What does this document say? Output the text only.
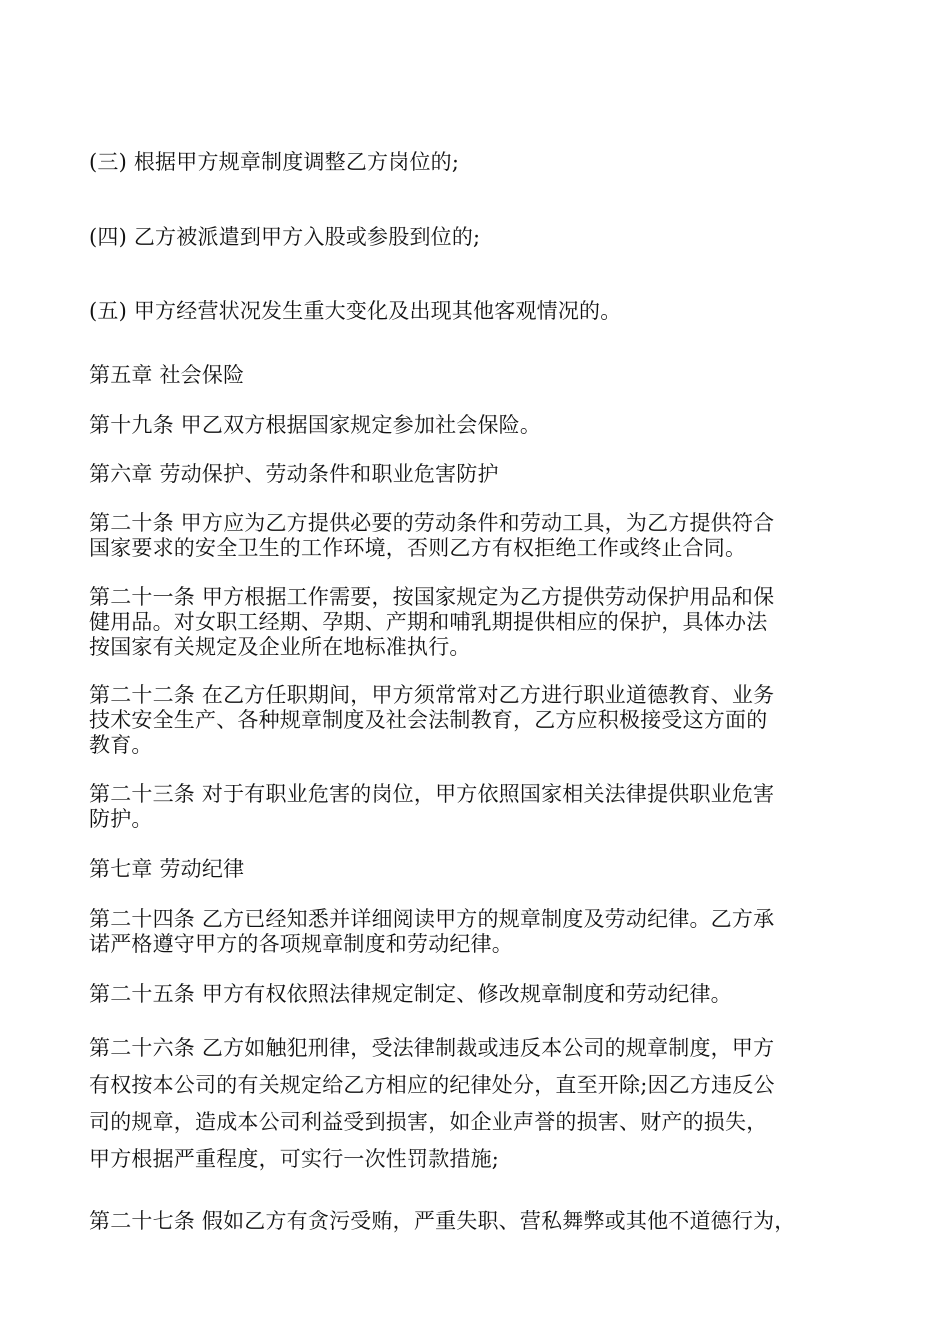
(三) 根据甲方规章制度调整乙方岗位的;
(四) 乙方被派遣到甲方入股或参股到位的;
(五) 甲方经营状况发生重大变化及出现其他客观情况的。
第五章 社会保险
第十九条 甲乙双方根据国家规定参加社会保险。
第六章 劳动保护、劳动条件和职业危害防护
第二十条 甲方应为乙方提供必要的劳动条件和劳动工具，为乙方提供符合
国家要求的安全卫生的工作环境，否则乙方有权拒绝工作或终止合同。
第二十一条 甲方根据工作需要，按国家规定为乙方提供劳动保护用品和保
健用品。对女职工经期、孕期、产期和哺乳期提供相应的保护，具体办法
按国家有关规定及企业所在地标准执行。
第二十二条 在乙方任职期间，甲方须常常对乙方进行职业道德教育、业务
技术安全生产、各种规章制度及社会法制教育，乙方应积极接受这方面的
教育。
第二十三条 对于有职业危害的岗位，甲方依照国家相关法律提供职业危害
防护。
第七章 劳动纪律
第二十四条 乙方已经知悉并详细阅读甲方的规章制度及劳动纪律。乙方承
诺严格遵守甲方的各项规章制度和劳动纪律。
第二十五条 甲方有权依照法律规定制定、修改规章制度和劳动纪律。
第二十六条 乙方如触犯刑律，受法律制裁或违反本公司的规章制度，甲方
有权按本公司的有关规定给乙方相应的纪律处分，直至开除;因乙方违反公
司的规章，造成本公司利益受到损害，如企业声誉的损害、财产的损失，
甲方根据严重程度，可实行一次性罚款措施;
第二十七条 假如乙方有贪污受贿，严重失职、营私舞弊或其他不道德行为，
